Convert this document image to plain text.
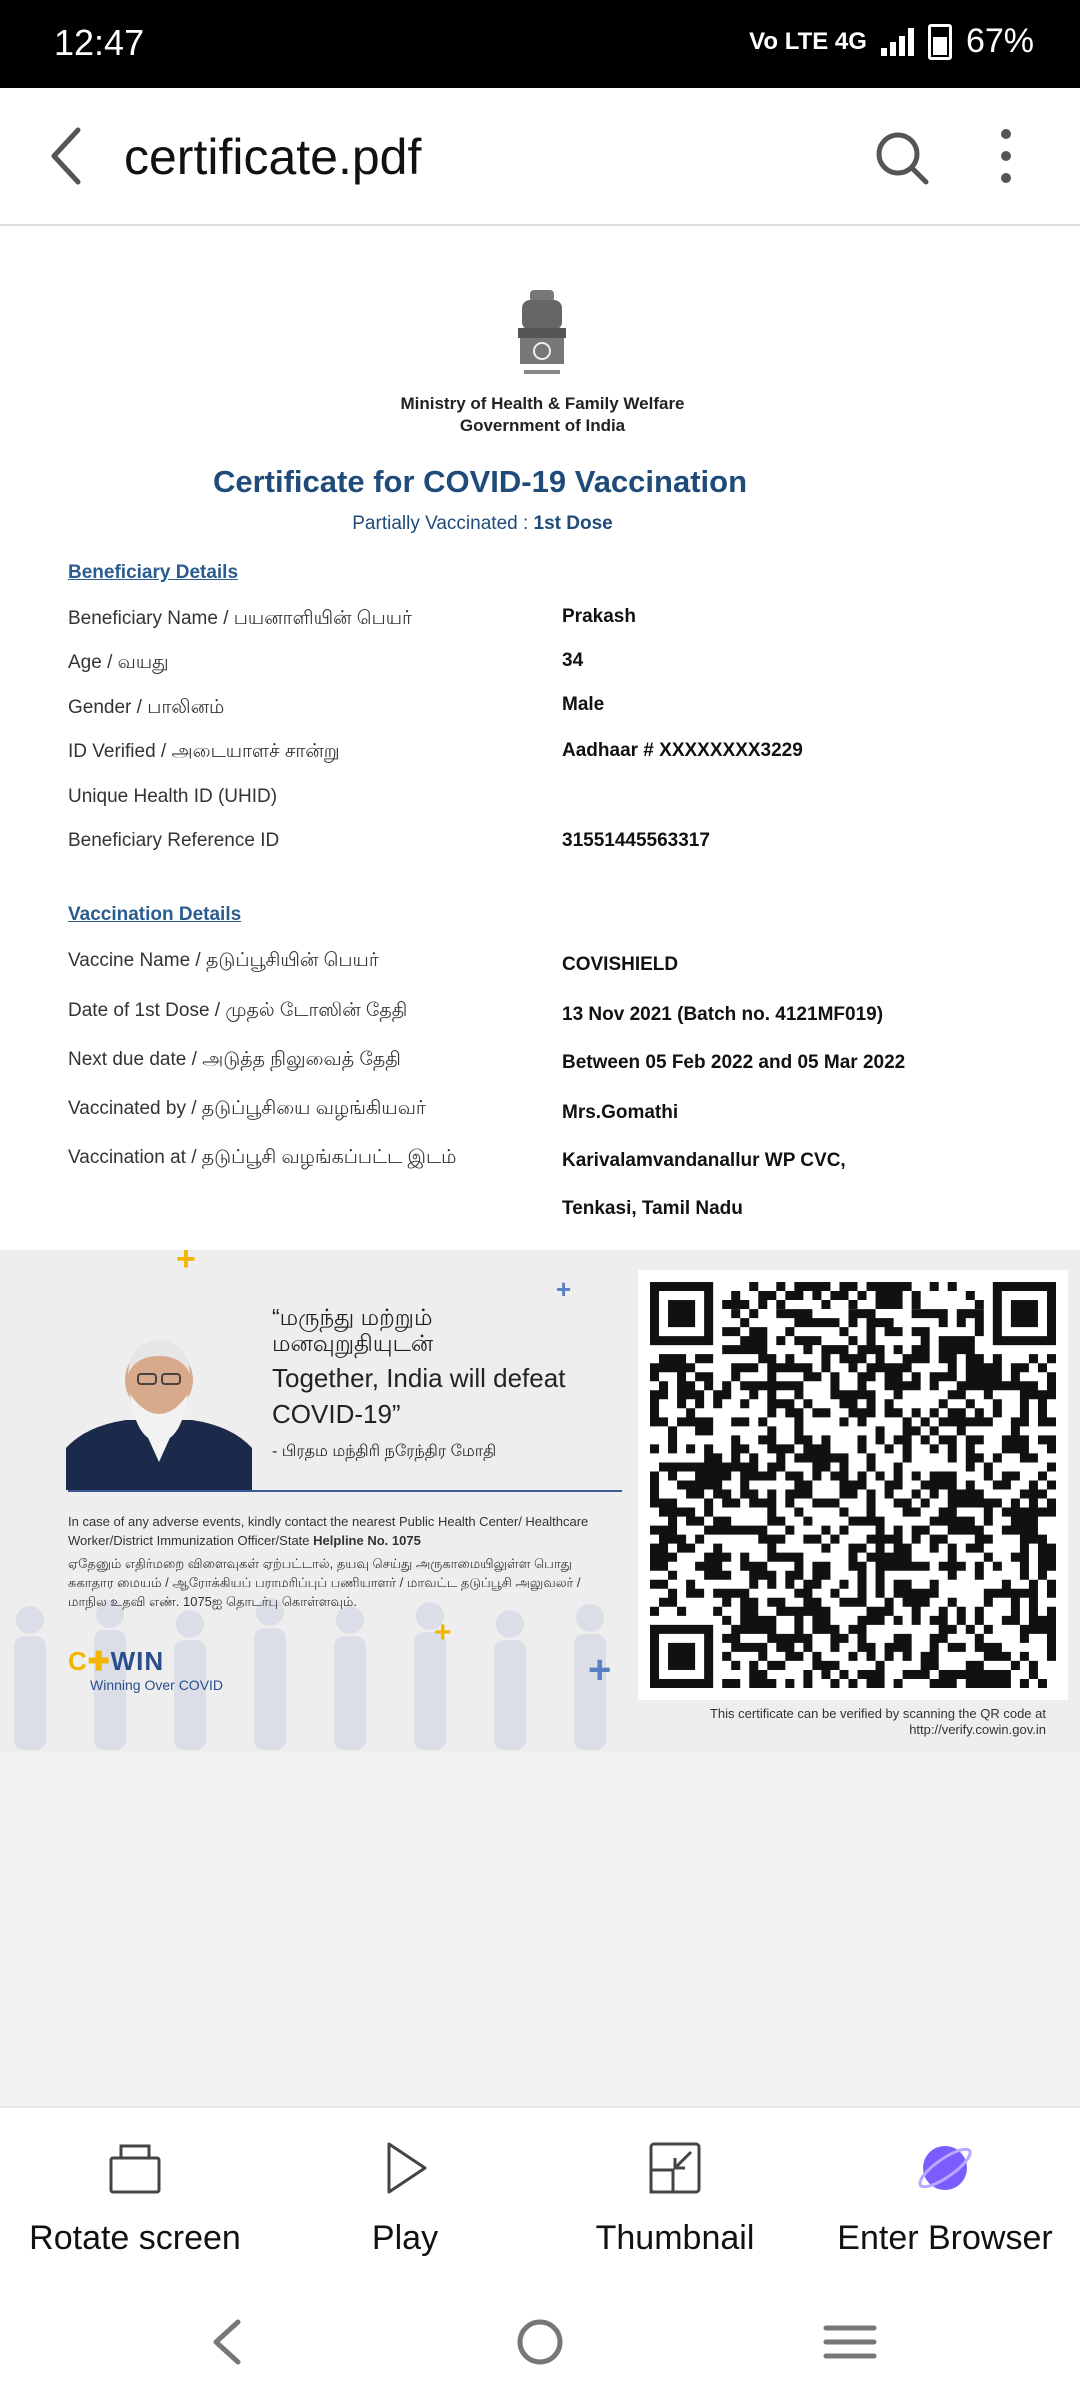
12:47	Vo LTE 4G	67%
certificate.pdf
Ministry of Health & Family Welfare
Government of India
Certificate for COVID-19 Vaccination
Partially Vaccinated : 1st Dose
Beneficiary Details
Beneficiary Name / பயனாளியின் பெயர்	Prakash
Age / வயது	34
Gender / பாலினம்	Male
ID Verified / அடையாளச் சான்று	Aadhaar # XXXXXXXX3229
Unique Health ID (UHID)
Beneficiary Reference ID	31551445563317
Vaccination Details
Vaccine Name / தடுப்பூசியின் பெயர்	COVISHIELD
Date of 1st Dose / முதல் டோஸின் தேதி	13 Nov 2021 (Batch no. 4121MF019)
Next due date / அடுத்த நிலுவைத் தேதி	Between 05 Feb 2022 and 05 Mar 2022
Vaccinated by / தடுப்பூசியை வழங்கியவர்	Mrs.Gomathi
Vaccination at / தடுப்பூசி வழங்கப்பட்ட இடம்	Karivalamvandanallur WP CVC,
Tenkasi, Tamil Nadu
+
+
+
+
“மருந்து மற்றும் மனவுறுதியுடன்
Together, India will defeat COVID-19”
- பிரதம மந்திரி நரேந்திர மோதி
In case of any adverse events, kindly contact the nearest Public Health Center/ Healthcare Worker/District Immunization Officer/State Helpline No. 1075
ஏதேனும் எதிர்மறை விளைவுகள் ஏற்பட்டால், தயவு செய்து அருகாமையிலுள்ள பொது சுகாதார மையம் / ஆரோக்கியப் பராமரிப்புப் பணியாளர் / மாவட்ட தடுப்பூசி அலுவலர் / மாநில உதவி எண். 1075ஐ தொடர்பு கொள்ளவும்.
C✚WIN
Winning Over COVID
This certificate can be verified by scanning the QR code at
http://verify.cowin.gov.in
Rotate screen	Play	Thumbnail	Enter Browser
